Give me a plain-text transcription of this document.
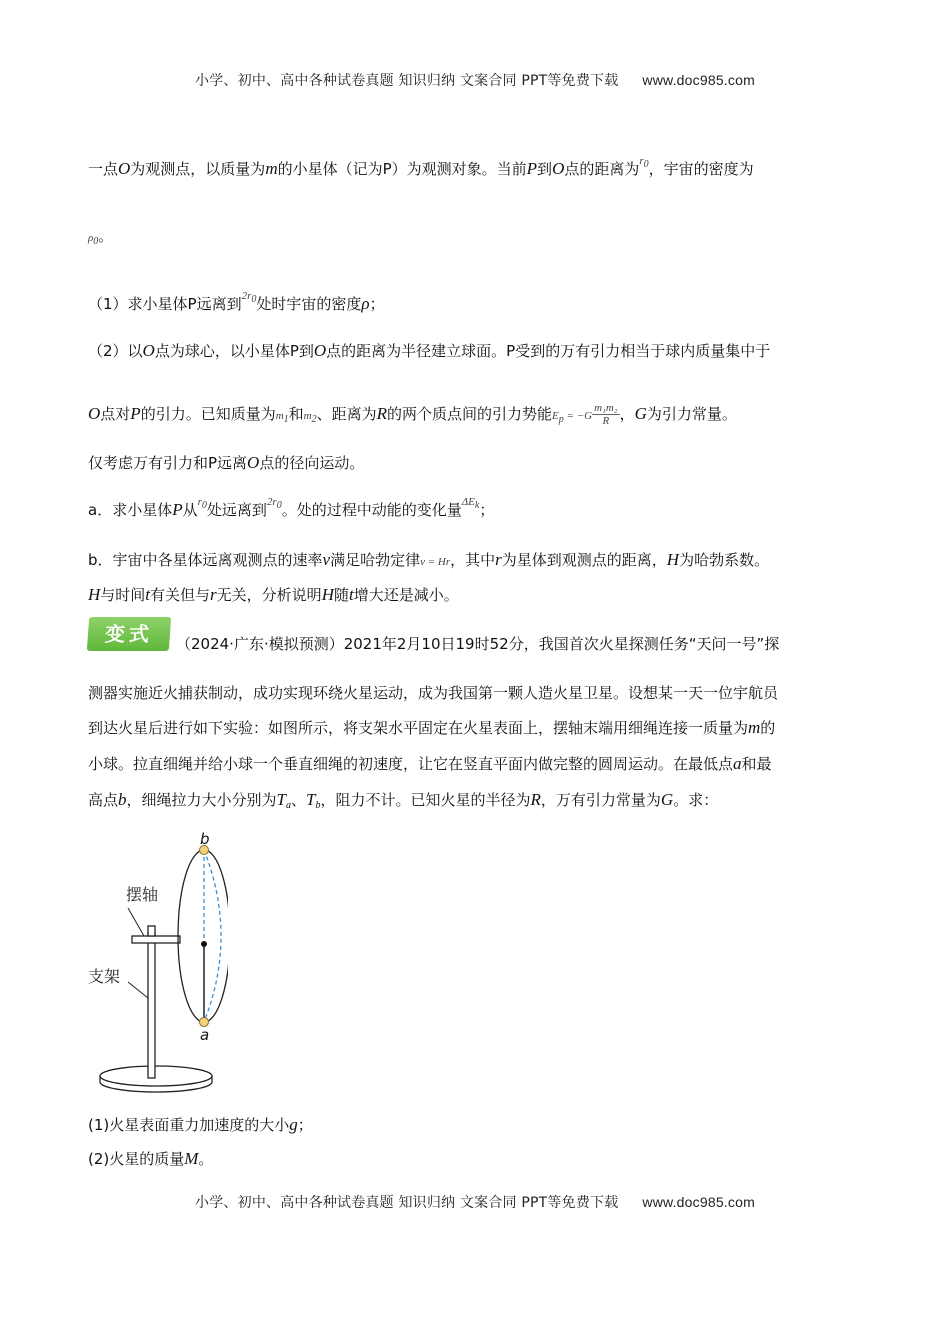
小学、初中、高中各种试卷真题 知识归纳 文案合同 PPT等免费下载 www.doc985.com
一点O为观测点，以质量为m的小星体（记为P）为观测对象。当前P到O点的距离为$^{r0}$，宇宙的密度为
ρ0。
（1）求小星体P远离到$^{2r0}$处时宇宙的密度ρ；
（2）以O点为球心，以小星体P到O点的距离为半径建立球面。P受到的万有引力相当于球内质量集中于
O点对P的引力。已知质量为m1和m2、距离为R的两个质点间的引力势能$Ep = -G \frac{\text{m₁m₂}}{R}$ ，G为引力常量。
仅考虑万有引力和P远离O点的径向运动。
a．求小星体P从$^{r0}$处远离到$^{2r0}$。处的过程中动能的变化量$^{\Delta Ek}$；
b．宇宙中各星体远离观测点的速率v满足哈勃定律v = Hr，其中r为星体到观测点的距离，H为哈勃系数。
H与时间t有关但与r无关，分析说明H随t增大还是减小。
变式	（2024·广东·模拟预测）2021年2月10日19时52分，我国首次火星探测任务“天问一号”探
测器实施近火捕获制动，成功实现环绕火星运动，成为我国第一颗人造火星卫星。设想某一天一位宇航员
到达火星后进行如下实验：如图所示，将支架水平固定在火星表面上，摆轴末端用细绳连接一质量为m的
小球。拉直细绳并给小球一个垂直细绳的初速度，让它在竖直平面内做完整的圆周运动。在最低点a和最
高点b，细绳拉力大小分别为$T_a$、$T_b$，阻力不计。已知火星的半径为R，万有引力常量为G。求：
b
a
摆轴
支架
(1)火星表面重力加速度的大小g；
(2)火星的质量M。
小学、初中、高中各种试卷真题 知识归纳 文案合同 PPT等免费下载 www.doc985.com
